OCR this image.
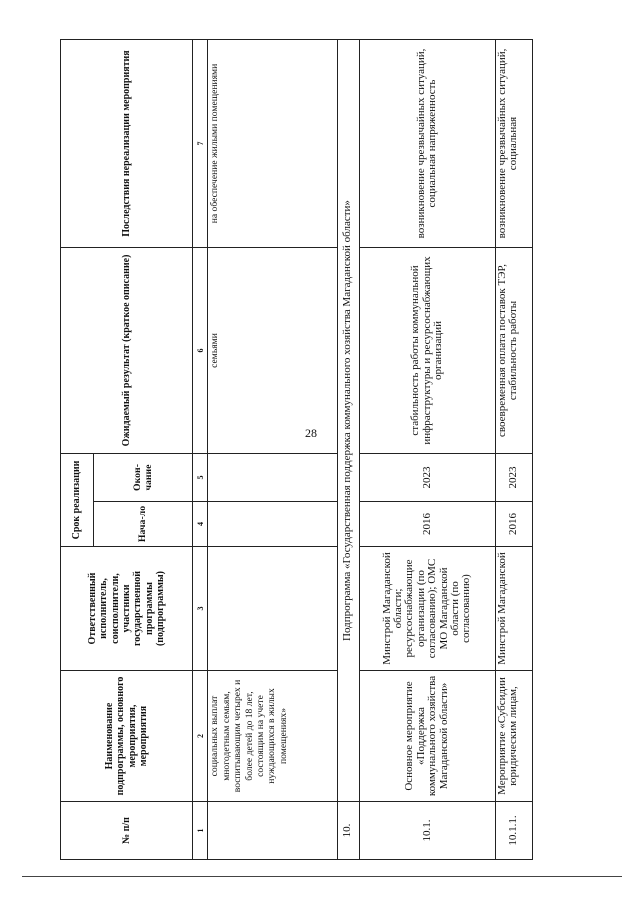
28
№ п/п	Наименование подпрограммы, основного мероприятия, мероприятия	Ответственный исполнитель, соисполнители, участники государственной программы (подпрограммы)	Срок реализации		Ожидаемый результат (краткое описание)	Последствия нереализации мероприятия
			Нача-ло	Окон-чание		
1	2	3	4	5	6	7
	социальных выплат многодетным семьям, воспитывающим четырех и более детей до 18 лет, состоящим на учете нуждающихся в жилых помещениях»				семьями	на обеспечение жилыми помещениями
10.	Подпрограмма «Государственная поддержка коммунального хозяйства Магаданской области»					
10.1.	Основное мероприятие «Поддержка коммунального хозяйства Магаданской области»	Минстрой Магаданской области; ресурсоснабжающие организации (по согласованию); ОМС МО Магаданской области (по согласованию)	2016	2023	стабильность работы коммунальной инфраструктуры и ресурсоснабжающих организаций	возникновение чрезвычайных ситуаций, социальная напряженность
10.1.1.	Мероприятие «Субсидии юридическим лицам,	Минстрой Магаданской	2016	2023	своевременная оплата поставок ТЭР, стабильность работы	возникновение чрезвычайных ситуаций, социальная
